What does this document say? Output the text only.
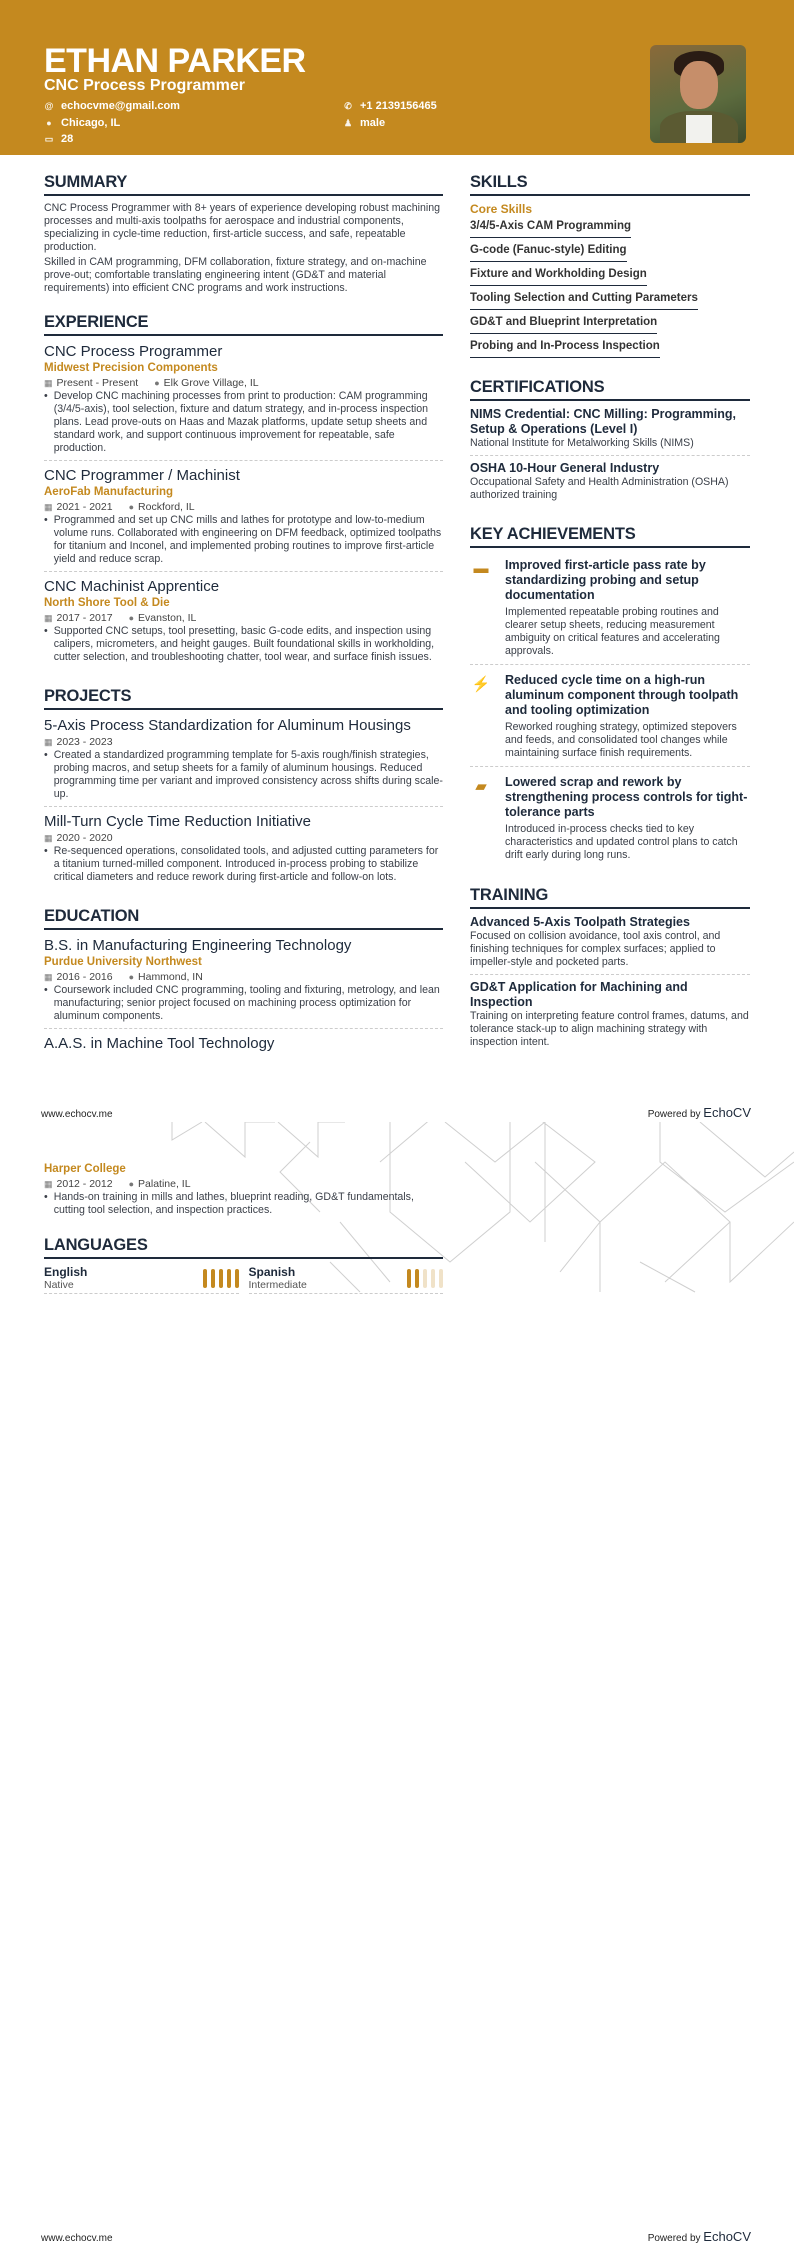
ETHAN PARKER
CNC Process Programmer
@ echocvme@gmail.com
● Chicago, IL
▭ 28
✆ +1 2139156465
♟ male
SUMMARY

CNC Process Programmer with 8+ years of experience developing robust machining processes and multi-axis toolpaths for aerospace and industrial components, specializing in cycle-time reduction, first-article success, and safe, repeatable production.

Skilled in CAM programming, DFM collaboration, fixture strategy, and on-machine prove-out; comfortable translating engineering intent (GD&T and material requirements) into efficient CNC programs and work instructions.

EXPERIENCE
CNC Process Programmer
Midwest Precision Components
▦ Present - Present ● Elk Grove Village, IL
• Develop CNC machining processes from print to production: CAM programming (3/4/5-axis), tool selection, fixture and datum strategy, and in-process inspection plans. Lead prove-outs on Haas and Mazak platforms, update setup sheets and standard work, and support continuous improvement for repeatable, safe production.
CNC Programmer / Machinist
AeroFab Manufacturing
▦ 2021 - 2021 ● Rockford, IL
• Programmed and set up CNC mills and lathes for prototype and low-to-medium volume runs. Collaborated with engineering on DFM feedback, optimized toolpaths for titanium and Inconel, and implemented probing routines to improve first-article yield and reduce scrap.
CNC Machinist Apprentice
North Shore Tool & Die
▦ 2017 - 2017 ● Evanston, IL
• Supported CNC setups, tool presetting, basic G-code edits, and inspection using calipers, micrometers, and height gauges. Built foundational skills in workholding, cutter selection, and troubleshooting chatter, tool wear, and surface finish issues.
PROJECTS
5-Axis Process Standardization for Aluminum Housings
▦ 2023 - 2023
• Created a standardized programming template for 5-axis rough/finish strategies, probing macros, and setup sheets for a family of aluminum housings. Reduced programming time per variant and improved consistency across shifts during scale-up.
Mill-Turn Cycle Time Reduction Initiative
▦ 2020 - 2020
• Re-sequenced operations, consolidated tools, and adjusted cutting parameters for a titanium turned-milled component. Introduced in-process probing to stabilize critical diameters and reduce rework during first-article and follow-on lots.
EDUCATION
B.S. in Manufacturing Engineering Technology
Purdue University Northwest
▦ 2016 - 2016 ● Hammond, IN
• Coursework included CNC programming, tooling and fixturing, metrology, and lean manufacturing; senior project focused on machining process optimization for aluminum components.
A.A.S. in Machine Tool Technology
SKILLS
Core Skills
3/4/5-Axis CAM Programming
G-code (Fanuc-style) Editing
Fixture and Workholding Design
Tooling Selection and Cutting Parameters
GD&T and Blueprint Interpretation
Probing and In-Process Inspection
CERTIFICATIONS
NIMS Credential: CNC Milling: Programming, Setup & Operations (Level I)
National Institute for Metalworking Skills (NIMS)
OSHA 10-Hour General Industry
Occupational Safety and Health Administration (OSHA) authorized training
KEY ACHIEVEMENTS
▬ Improved first-article pass rate by standardizing probing and setup documentation
Implemented repeatable probing routines and clearer setup sheets, reducing measurement ambiguity on critical features and accelerating approvals.
⚡ Reduced cycle time on a high-run aluminum component through toolpath and tooling optimization
Reworked roughing strategy, optimized stepovers and feeds, and consolidated tool changes while maintaining surface finish requirements.
▰	Lowered scrap and rework by strengthening process controls for tight-tolerance parts
Introduced in-process checks tied to key characteristics and updated control plans to catch drift early during long runs.
TRAINING
Advanced 5-Axis Toolpath Strategies
Focused on collision avoidance, tool axis control, and finishing techniques for complex surfaces; applied to impeller-style and pocketed parts.
GD&T Application for Machining and Inspection
Training on interpreting feature control frames, datums, and tolerance stack-up to align machining strategy with inspection intent.
www.echocv.me	Powered by EchoCV
Harper College
▦ 2012 - 2012 ● Palatine, IL
• Hands-on training in mills and lathes, blueprint reading, GD&T fundamentals, cutting tool selection, and inspection practices.
LANGUAGES
English
Native
Spanish
Intermediate
www.echocv.me	Powered by EchoCV
